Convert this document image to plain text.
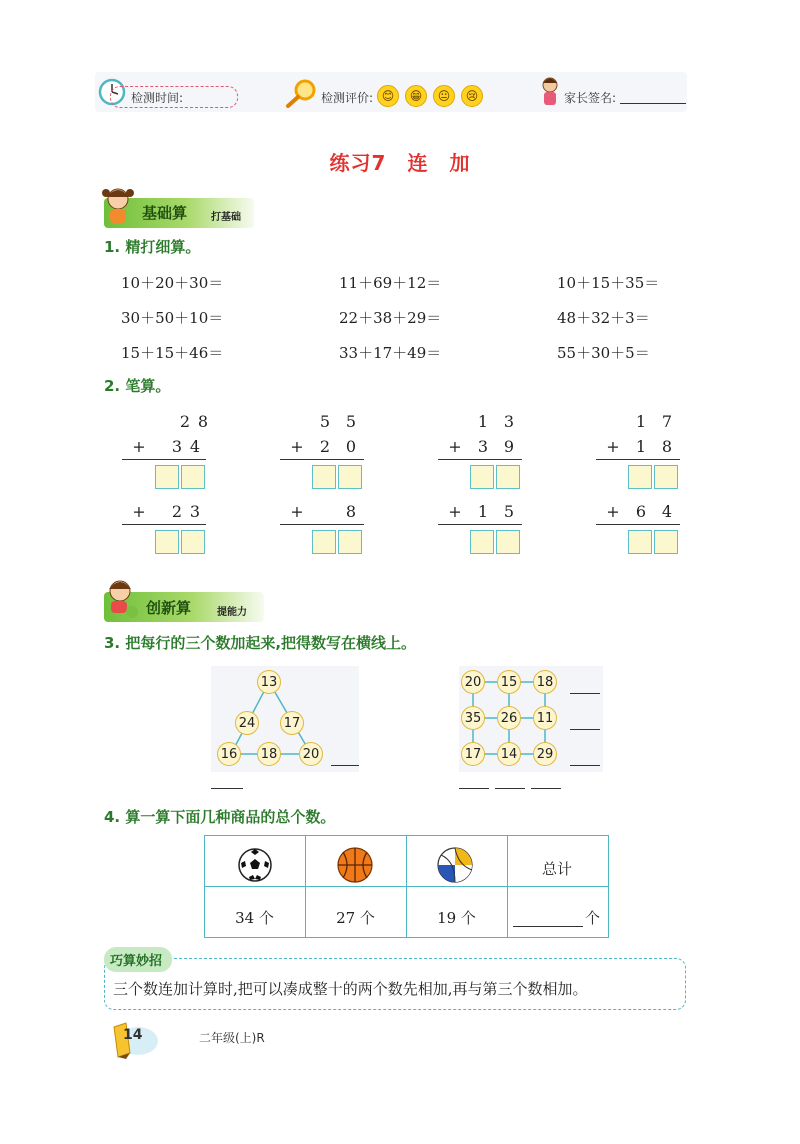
检测时间:	检测评价: 😊	😁	😐	😢	家长签名:
练习7　连　加
基础算 打基础
1. 精打细算。
10＋20＋30＝	11＋69＋12＝	10＋15＋35＝
30＋50＋10＝	22＋38＋29＝	48＋32＋3＝
15＋15＋46＝	33＋17＋49＝	55＋30＋5＝
2. 笔算。
2 8
+ 3 4
+ 2 3
5 5
+ 2 0
+	8
1 3
+ 3 9
+ 1 5
1 7
+ 1 8
+ 6 4
创新算	提能力
3. 把每行的三个数加起来,把得数写在横线上。
13
24 17
16 18 20
20 15 18
35 26 11
17 14 29
4. 算一算下面几种商品的总个数。
总计
34 个	27 个	19 个	个
巧算妙招
三个数连加计算时,把可以凑成整十的两个数先相加,再与第三个数相加。
14	二年级(上)R
